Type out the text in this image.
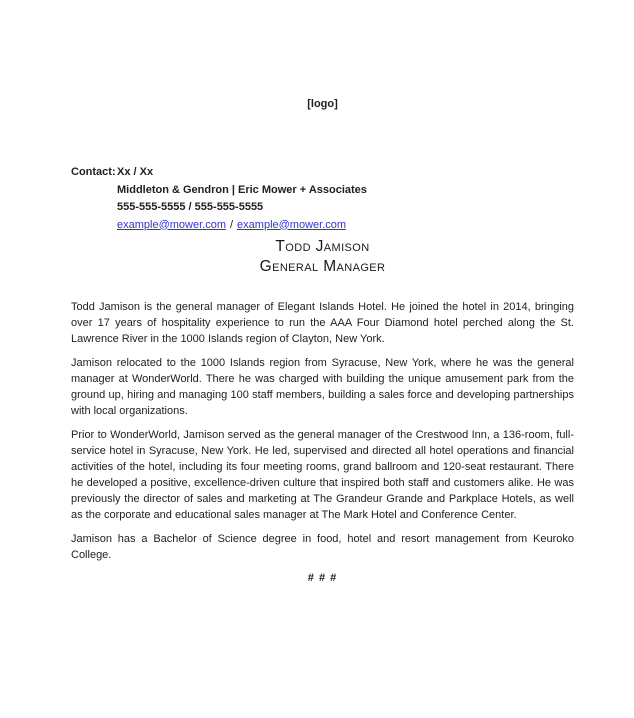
[logo]
Contact: Xx / Xx
Middleton & Gendron | Eric Mower + Associates
555-555-5555 / 555-555-5555
example@mower.com / example@mower.com
Todd Jamison
General Manager

Todd Jamison is the general manager of Elegant Islands Hotel. He joined the hotel in 2014, bringing over 17 years of hospitality experience to run the AAA Four Diamond hotel perched along the St. Lawrence River in the 1000 Islands region of Clayton, New York.

Jamison relocated to the 1000 Islands region from Syracuse, New York, where he was the general manager at WonderWorld. There he was charged with building the unique amusement park from the ground up, hiring and managing 100 staff members, building a sales force and developing partnerships with local organizations.

Prior to WonderWorld, Jamison served as the general manager of the Crestwood Inn, a 136-room, full-service hotel in Syracuse, New York. He led, supervised and directed all hotel operations and financial activities of the hotel, including its four meeting rooms, grand ballroom and 120-seat restaurant. There he developed a positive, excellence-driven culture that inspired both staff and customers alike. He was previously the director of sales and marketing at The Grandeur Grande and Parkplace Hotels, as well as the corporate and educational sales manager at The Mark Hotel and Conference Center.

Jamison has a Bachelor of Science degree in food, hotel and resort management from Keuroko College.

# # #
